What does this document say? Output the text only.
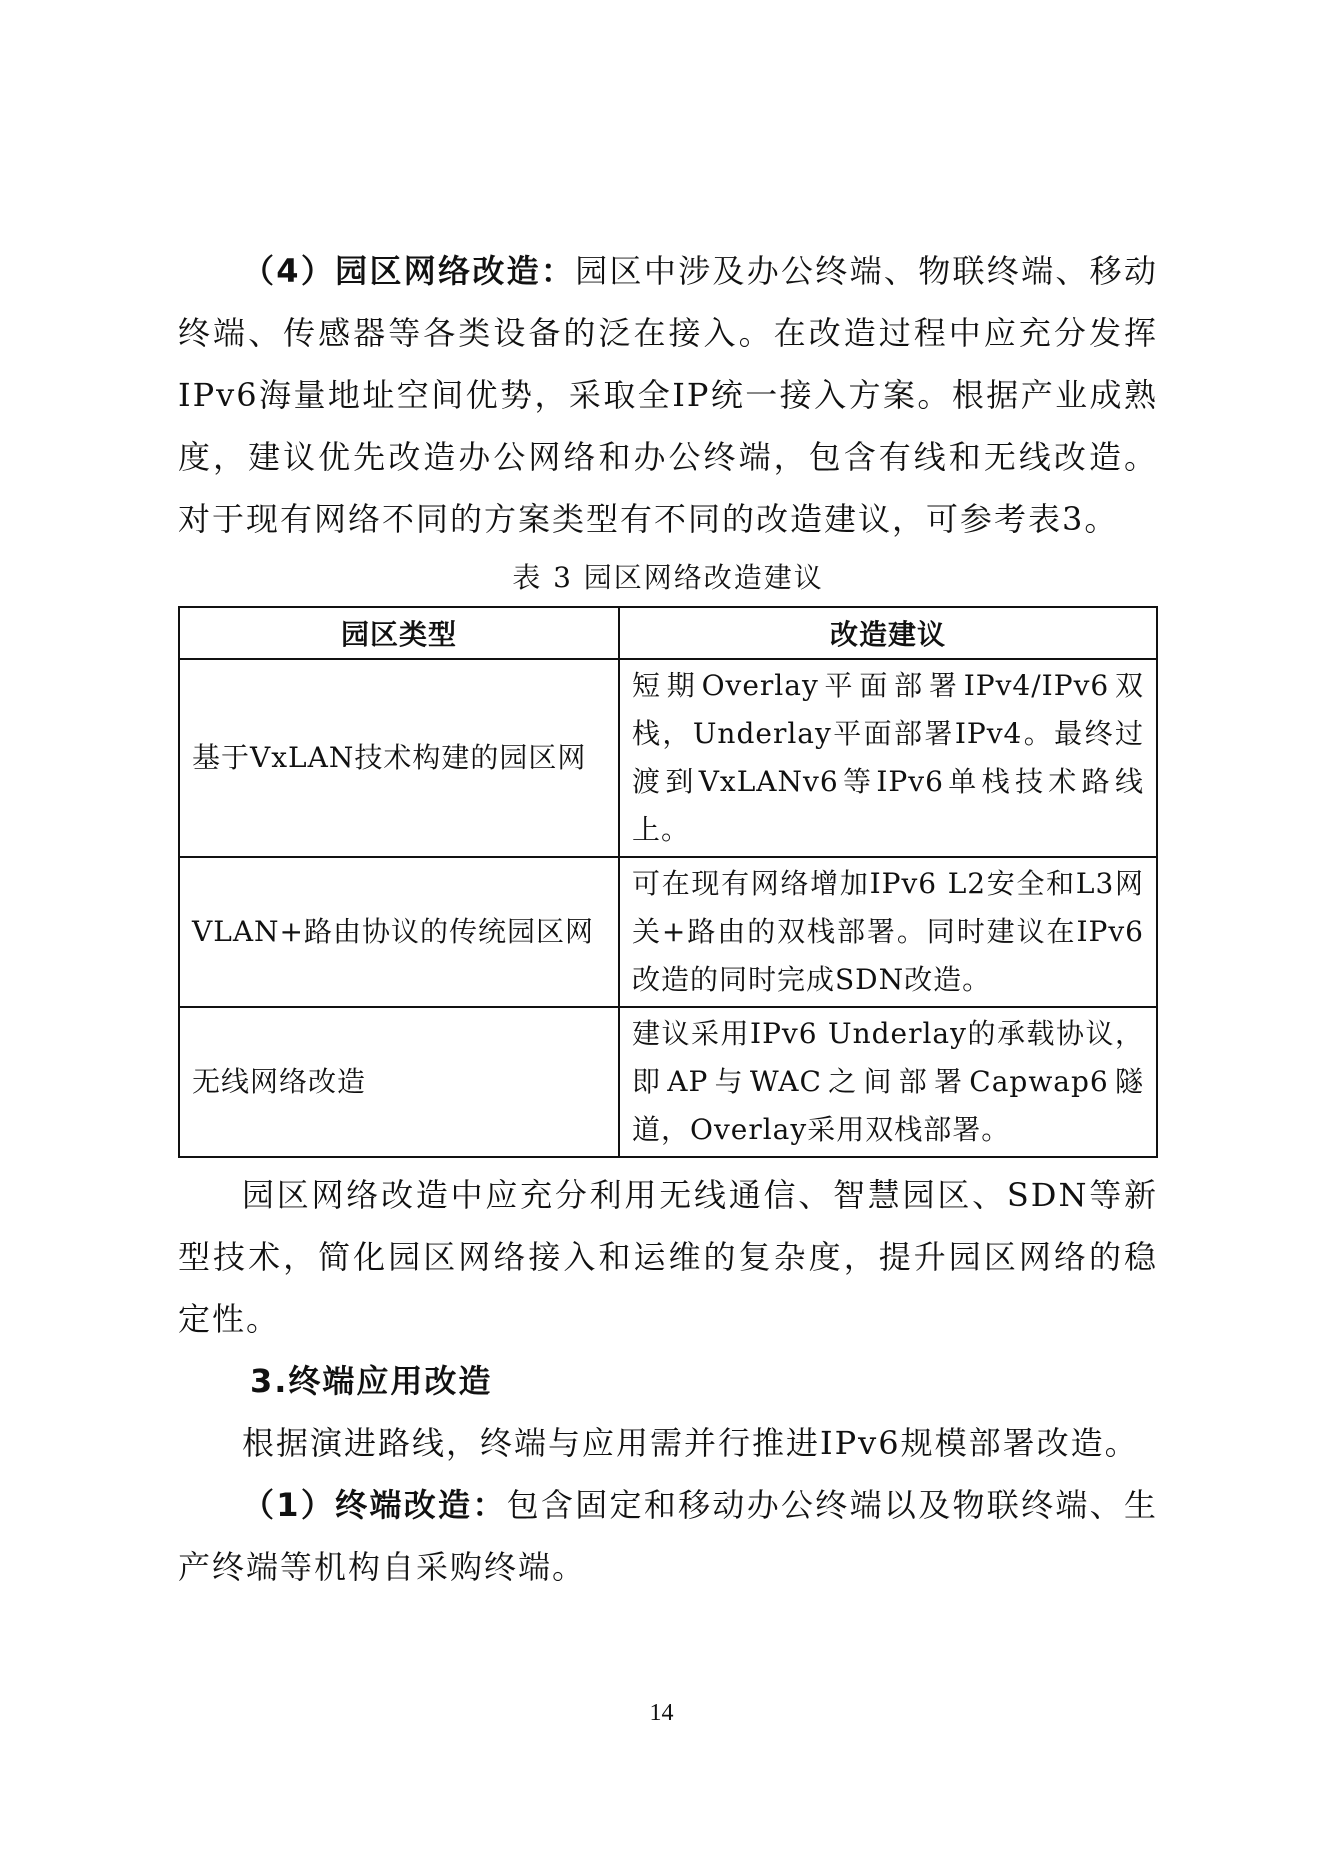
（4）园区网络改造：园区中涉及办公终端、物联终端、移动终端、传感器等各类设备的泛在接入。在改造过程中应充分发挥IPv6海量地址空间优势，采取全IP统一接入方案。根据产业成熟度，建议优先改造办公网络和办公终端，包含有线和无线改造。对于现有网络不同的方案类型有不同的改造建议，可参考表3。

表 3 园区网络改造建议
园区类型	改造建议
基于VxLAN技术构建的园区网	短期Overlay平面部署IPv4/IPv6双栈，Underlay平面部署IPv4。最终过渡到VxLANv6等IPv6单栈技术路线上。
VLAN+路由协议的传统园区网	可在现有网络增加IPv6 L2安全和L3网关+路由的双栈部署。同时建议在IPv6改造的同时完成SDN改造。
无线网络改造	建议采用IPv6 Underlay的承载协议，即AP与WAC之间部署Capwap6隧道，Overlay采用双栈部署。

园区网络改造中应充分利用无线通信、智慧园区、SDN等新型技术，简化园区网络接入和运维的复杂度，提升园区网络的稳定性。

3.终端应用改造

根据演进路线，终端与应用需并行推进IPv6规模部署改造。

（1）终端改造：包含固定和移动办公终端以及物联终端、生产终端等机构自采购终端。

14
